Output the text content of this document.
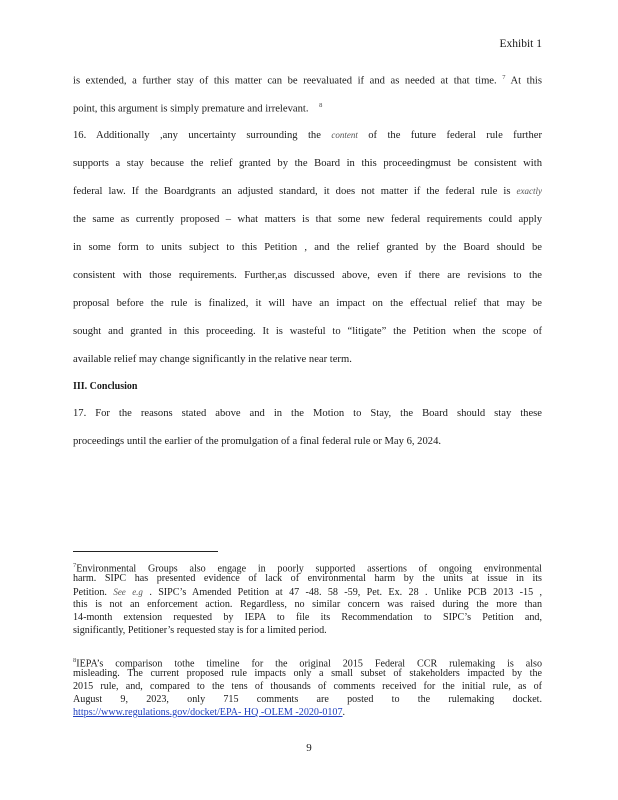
Exhibit 1
is extended, a further stay of this matter can be reevaluated if and as needed at that time. $^7$ At this
point, this argument is simply premature and irrelevant. $^8$
16. Additionally ,any uncertainty surrounding the content of the future federal rule further
supports a stay because the relief granted by the Board in this proceedingmust be consistent with
federal law. If the Boardgrants an adjusted standard, it does not matter if the federal rule is exactly
the same as currently proposed – what matters is that some new federal requirements could apply
in some form to units subject to this Petition , and the relief granted by the Board should be
consistent with those requirements. Further,as discussed above, even if there are revisions to the
proposal before the rule is finalized, it will have an impact on the effectual relief that may be
sought and granted in this proceeding. It is wasteful to “litigate” the Petition when the scope of
available relief may change significantly in the relative near term.
III. Conclusion
17. For the reasons stated above and in the Motion to Stay, the Board should stay these
proceedings until the earlier of the promulgation of a final federal rule or May 6, 2024.
$^7$Environmental Groups also engage in poorly supported assertions of ongoing environmental
harm. SIPC has presented evidence of lack of environmental harm by the units at issue in its
Petition. See e.g . SIPC’s Amended Petition at 47 -48. 58 -59, Pet. Ex. 28 . Unlike PCB 2013 -15 ,
this is not an enforcement action. Regardless, no similar concern was raised during the more than
14-month extension requested by IEPA to file its Recommendation to SIPC’s Petition and,
significantly, Petitioner’s requested stay is for a limited period.
$^8$IEPA’s comparison tothe timeline for the original 2015 Federal CCR rulemaking is also
misleading. The current proposed rule impacts only a small subset of stakeholders impacted by the
2015 rule, and, compared to the tens of thousands of comments received for the initial rule, as of
August 9, 2023, only 715 comments are posted to the rulemaking docket.
https://www.regulations.gov/docket/EPA- HQ -OLEM -2020-0107.
9
